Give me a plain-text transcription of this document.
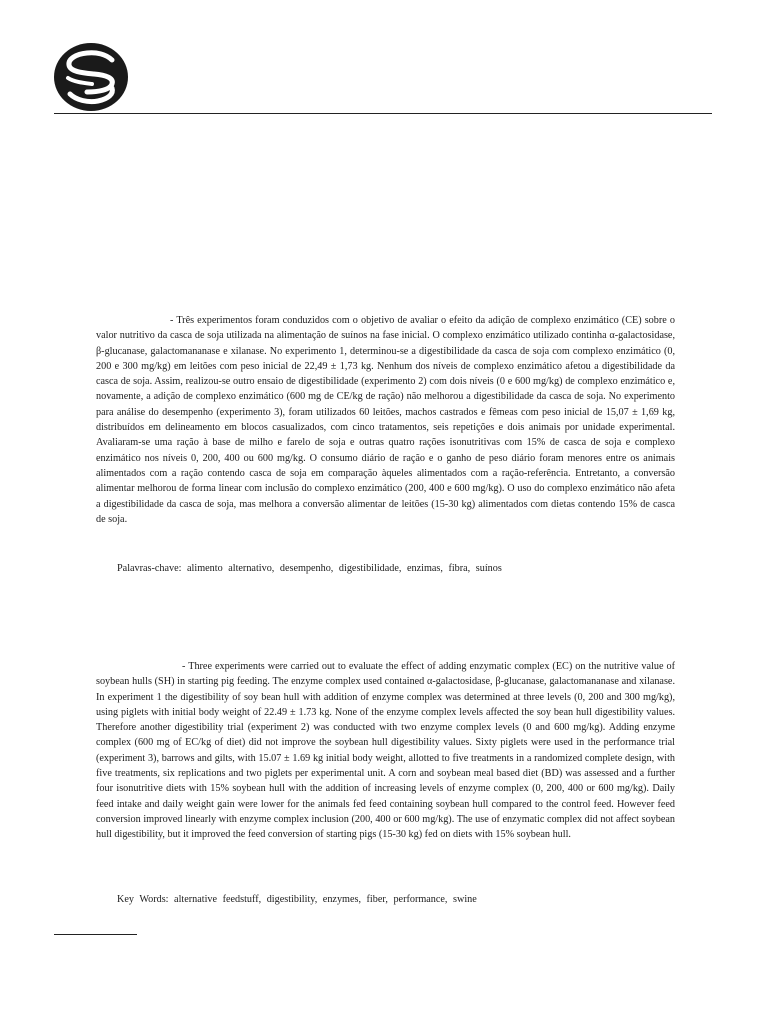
- Três experimentos foram conduzidos com o objetivo de avaliar o efeito da adição de complexo enzimático (CE) sobre o valor nutritivo da casca de soja utilizada na alimentação de suínos na fase inicial. O complexo enzimático utilizado continha α-galactosidase, β-glucanase, galactomananase e xilanase. No experimento 1, determinou-se a digestibilidade da casca de soja com complexo enzimático (0, 200 e 300 mg/kg) em leitões com peso inicial de 22,49 ± 1,73 kg. Nenhum dos níveis de complexo enzimático afetou a digestibilidade da casca de soja. Assim, realizou-se outro ensaio de digestibilidade (experimento 2) com dois níveis (0 e 600 mg/kg) de complexo enzimático e, novamente, a adição de complexo enzimático (600 mg de CE/kg de ração) não melhorou a digestibilidade da casca de soja. No experimento para análise do desempenho (experimento 3), foram utilizados 60 leitões, machos castrados e fêmeas com peso inicial de 15,07 ± 1,69 kg, distribuídos em delineamento em blocos casualizados, com cinco tratamentos, seis repetições e dois animais por unidade experimental. Avaliaram-se uma ração à base de milho e farelo de soja e outras quatro rações isonutritivas com 15% de casca de soja e complexo enzimático nos níveis 0, 200, 400 ou 600 mg/kg. O consumo diário de ração e o ganho de peso diário foram menores entre os animais alimentados com a ração contendo casca de soja em comparação àqueles alimentados com a ração-referência. Entretanto, a conversão alimentar melhorou de forma linear com inclusão do complexo enzimático (200, 400 e 600 mg/kg). O uso do complexo enzimático não afeta a digestibilidade da casca de soja, mas melhora a conversão alimentar de leitões (15-30 kg) alimentados com dietas contendo 15% de casca de soja.

Palavras-chave: alimento alternativo, desempenho, digestibilidade, enzimas, fibra, suínos

- Three experiments were carried out to evaluate the effect of adding enzymatic complex (EC) on the nutritive value of soybean hulls (SH) in starting pig feeding. The enzyme complex used contained α-galactosidase, β-glucanase, galactomananase and xilanase. In experiment 1 the digestibility of soy bean hull with addition of enzyme complex was determined at three levels (0, 200 and 300 mg/kg), using piglets with initial body weight of 22.49 ± 1.73 kg. None of the enzyme complex levels affected the soy bean hull digestibility values. Therefore another digestibility trial (experiment 2) was conducted with two enzyme complex levels (0 and 600 mg/kg). Adding enzyme complex (600 mg of EC/kg of diet) did not improve the soybean hull digestibility values. Sixty piglets were used in the performance trial (experiment 3), barrows and gilts, with 15.07 ± 1.69 kg initial body weight, allotted to five treatments in a randomized complete design, with five treatments, six replications and two piglets per experimental unit. A corn and soybean meal based diet (BD) was assessed and a further four isonutritive diets with 15% soybean hull with the addition of increasing levels of enzyme complex (0, 200, 400 or 600 mg/kg). Daily feed intake and daily weight gain were lower for the animals fed feed containing soybean hull compared to the control feed. However feed conversion improved linearly with enzyme complex inclusion (200, 400 or 600 mg/kg). The use of enzymatic complex did not affect soybean hull digestibility, but it improved the feed conversion of starting pigs (15-30 kg) fed on diets with 15% soybean hull.

Key Words: alternative feedstuff, digestibility, enzymes, fiber, performance, swine
